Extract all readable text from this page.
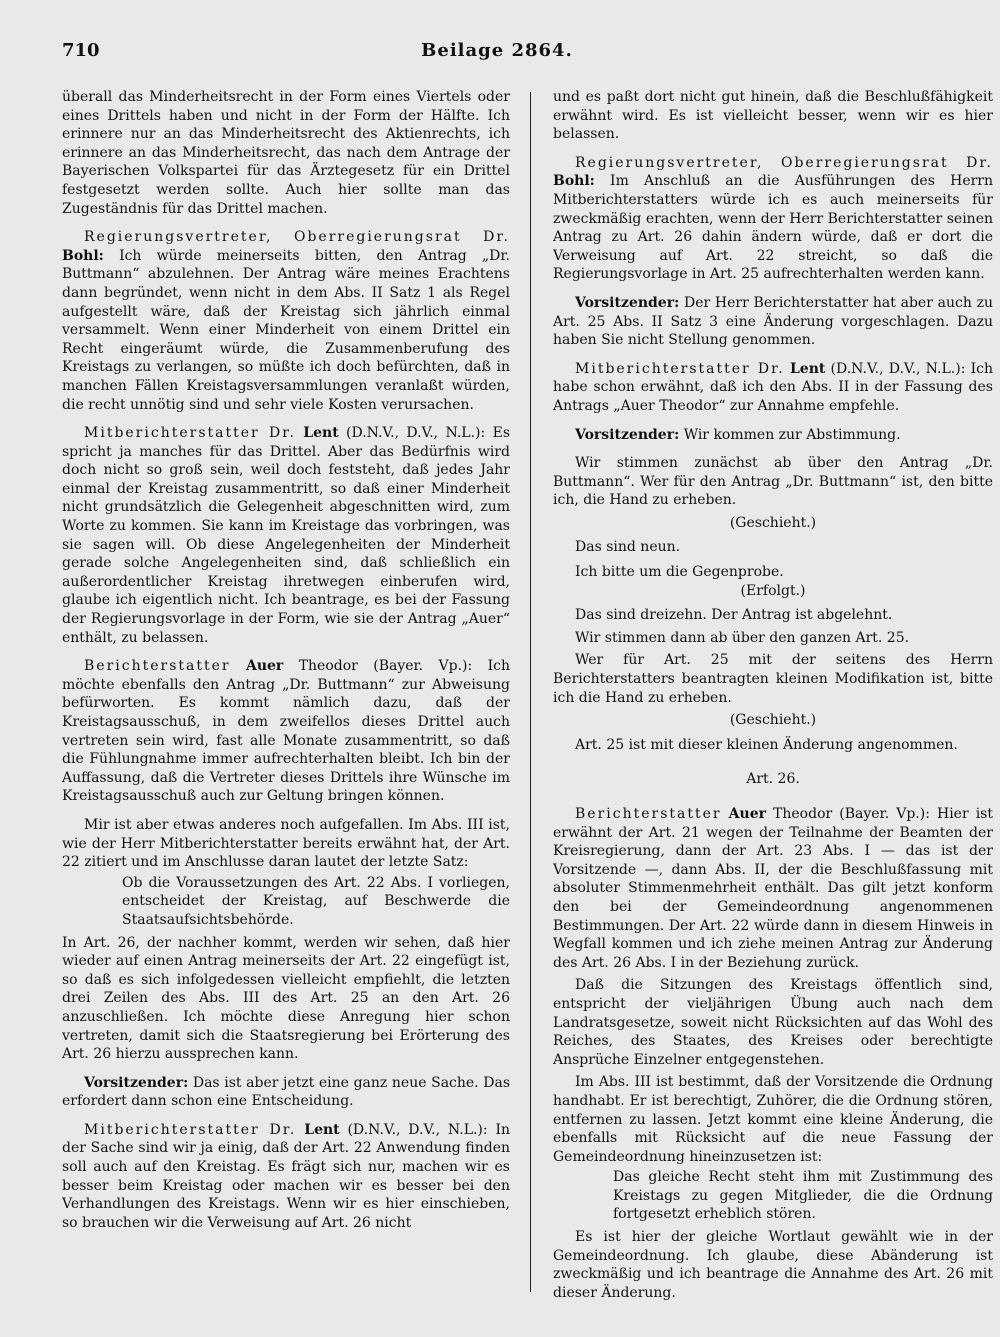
710	Beilage 2864.

überall das Minderheitsrecht in der Form eines Viertels oder eines Drittels haben und nicht in der Form der Hälfte. Ich erinnere nur an das Minderheitsrecht des Aktienrechts, ich erinnere an das Minderheitsrecht, das nach dem Antrage der Bayerischen Volkspartei für das Ärztegesetz für ein Drittel festgesetzt werden sollte. Auch hier sollte man das Zugeständnis für das Drittel machen.

Regierungsvertreter, Oberregierungsrat Dr. Bohl: Ich würde meinerseits bitten, den Antrag „Dr. Buttmann“ abzulehnen. Der Antrag wäre meines Erachtens dann begründet, wenn nicht in dem Abs. II Satz 1 als Regel aufgestellt wäre, daß der Kreistag sich jährlich einmal versammelt. Wenn einer Minderheit von einem Drittel ein Recht eingeräumt würde, die Zusammenberufung des Kreistags zu verlangen, so müßte ich doch befürchten, daß in manchen Fällen Kreistagsversammlungen veranlaßt würden, die recht unnötig sind und sehr viele Kosten verursachen.

Mitberichterstatter Dr. Lent (D.N.V., D.V., N.L.): Es spricht ja manches für das Drittel. Aber das Bedürfnis wird doch nicht so groß sein, weil doch feststeht, daß jedes Jahr einmal der Kreistag zusammentritt, so daß einer Minderheit nicht grundsätzlich die Gelegenheit abgeschnitten wird, zum Worte zu kommen. Sie kann im Kreistage das vorbringen, was sie sagen will. Ob diese Angelegenheiten der Minderheit gerade solche Angelegenheiten sind, daß schließlich ein außerordentlicher Kreistag ihretwegen einberufen wird, glaube ich eigentlich nicht. Ich beantrage, es bei der Fassung der Regierungsvorlage in der Form, wie sie der Antrag „Auer“ enthält, zu belassen.

Berichterstatter Auer Theodor (Bayer. Vp.): Ich möchte ebenfalls den Antrag „Dr. Buttmann“ zur Abweisung befürworten. Es kommt nämlich dazu, daß der Kreistagsausschuß, in dem zweifellos dieses Drittel auch vertreten sein wird, fast alle Monate zusammentritt, so daß die Fühlungnahme immer aufrechterhalten bleibt. Ich bin der Auffassung, daß die Vertreter dieses Drittels ihre Wünsche im Kreistagsausschuß auch zur Geltung bringen können.

Mir ist aber etwas anderes noch aufgefallen. Im Abs. III ist, wie der Herr Mitberichterstatter bereits erwähnt hat, der Art. 22 zitiert und im Anschlusse daran lautet der letzte Satz:

Ob die Voraussetzungen des Art. 22 Abs. I vorliegen, entscheidet der Kreistag, auf Beschwerde die Staatsaufsichtsbehörde.

In Art. 26, der nachher kommt, werden wir sehen, daß hier wieder auf einen Antrag meinerseits der Art. 22 eingefügt ist, so daß es sich infolgedessen vielleicht empfiehlt, die letzten drei Zeilen des Abs. III des Art. 25 an den Art. 26 anzuschließen. Ich möchte diese Anregung hier schon vertreten, damit sich die Staatsregierung bei Erörterung des Art. 26 hierzu aussprechen kann.

Vorsitzender: Das ist aber jetzt eine ganz neue Sache. Das erfordert dann schon eine Entscheidung.

Mitberichterstatter Dr. Lent (D.N.V., D.V., N.L.): In der Sache sind wir ja einig, daß der Art. 22 Anwendung finden soll auch auf den Kreistag. Es frägt sich nur, machen wir es besser beim Kreistag oder machen wir es besser bei den Verhandlungen des Kreistags. Wenn wir es hier einschieben, so brauchen wir die Verweisung auf Art. 26 nicht

und es paßt dort nicht gut hinein, daß die Beschlußfähigkeit erwähnt wird. Es ist vielleicht besser, wenn wir es hier belassen.

Regierungsvertreter, Oberregierungsrat Dr. Bohl: Im Anschluß an die Ausführungen des Herrn Mitberichterstatters würde ich es auch meinerseits für zweckmäßig erachten, wenn der Herr Berichterstatter seinen Antrag zu Art. 26 dahin ändern würde, daß er dort die Verweisung auf Art. 22 streicht, so daß die Regierungsvorlage in Art. 25 aufrechterhalten werden kann.

Vorsitzender: Der Herr Berichterstatter hat aber auch zu Art. 25 Abs. II Satz 3 eine Änderung vorgeschlagen. Dazu haben Sie nicht Stellung genommen.

Mitberichterstatter Dr. Lent (D.N.V., D.V., N.L.): Ich habe schon erwähnt, daß ich den Abs. II in der Fassung des Antrags „Auer Theodor“ zur Annahme empfehle.

Vorsitzender: Wir kommen zur Abstimmung.

Wir stimmen zunächst ab über den Antrag „Dr. Buttmann“. Wer für den Antrag „Dr. Buttmann“ ist, den bitte ich, die Hand zu erheben.

(Geschieht.)

Das sind neun.

Ich bitte um die Gegenprobe.

(Erfolgt.)

Das sind dreizehn. Der Antrag ist abgelehnt.

Wir stimmen dann ab über den ganzen Art. 25.

Wer für Art. 25 mit der seitens des Herrn Berichterstatters beantragten kleinen Modifikation ist, bitte ich die Hand zu erheben.

(Geschieht.)

Art. 25 ist mit dieser kleinen Änderung angenommen.

Art. 26.

Berichterstatter Auer Theodor (Bayer. Vp.): Hier ist erwähnt der Art. 21 wegen der Teilnahme der Beamten der Kreisregierung, dann der Art. 23 Abs. I — das ist der Vorsitzende —, dann Abs. II, der die Beschlußfassung mit absoluter Stimmenmehrheit enthält. Das gilt jetzt konform den bei der Gemeindeordnung angenommenen Bestimmungen. Der Art. 22 würde dann in diesem Hinweis in Wegfall kommen und ich ziehe meinen Antrag zur Änderung des Art. 26 Abs. I in der Beziehung zurück.

Daß die Sitzungen des Kreistags öffentlich sind, entspricht der vieljährigen Übung auch nach dem Landratsgesetze, soweit nicht Rücksichten auf das Wohl des Reiches, des Staates, des Kreises oder berechtigte Ansprüche Einzelner entgegenstehen.

Im Abs. III ist bestimmt, daß der Vorsitzende die Ordnung handhabt. Er ist berechtigt, Zuhörer, die die Ordnung stören, entfernen zu lassen. Jetzt kommt eine kleine Änderung, die ebenfalls mit Rücksicht auf die neue Fassung der Gemeindeordnung hineinzusetzen ist:

Das gleiche Recht steht ihm mit Zustimmung des Kreistags zu gegen Mitglieder, die die Ordnung fortgesetzt erheblich stören.

Es ist hier der gleiche Wortlaut gewählt wie in der Gemeindeordnung. Ich glaube, diese Abänderung ist zweckmäßig und ich beantrage die Annahme des Art. 26 mit dieser Änderung.
